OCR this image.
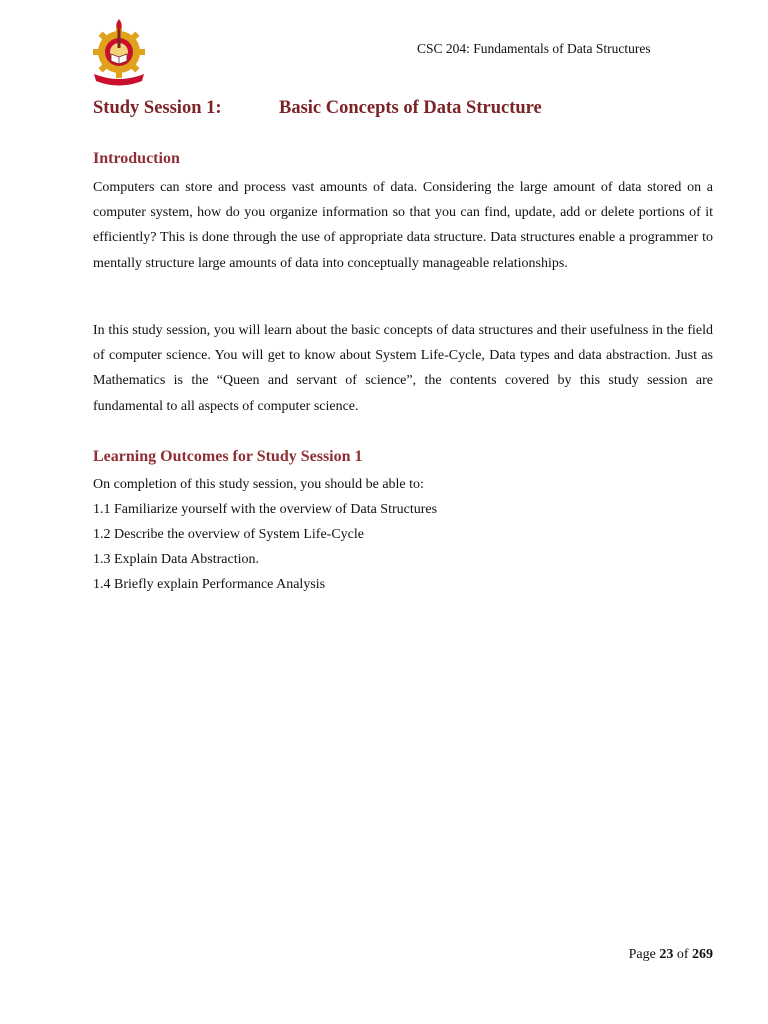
CSC 204: Fundamentals of Data Structures
Study Session 1:	Basic Concepts of Data Structure
Introduction

Computers can store and process vast amounts of data. Considering the large amount of data stored on a computer system, how do you organize information so that you can find, update, add or delete portions of it efficiently? This is done through the use of appropriate data structure. Data structures enable a programmer to mentally structure large amounts of data into conceptually manageable relationships.

In this study session, you will learn about the basic concepts of data structures and their usefulness in the field of computer science. You will get to know about System Life-Cycle, Data types and data abstraction. Just as Mathematics is the “Queen and servant of science”, the contents covered by this study session are fundamental to all aspects of computer science.

Learning Outcomes for Study Session 1

On completion of this study session, you should be able to:

1.1 Familiarize yourself with the overview of Data Structures

1.2 Describe the overview of System Life-Cycle

1.3 Explain Data Abstraction.

1.4 Briefly explain Performance Analysis

Page 23 of 269
